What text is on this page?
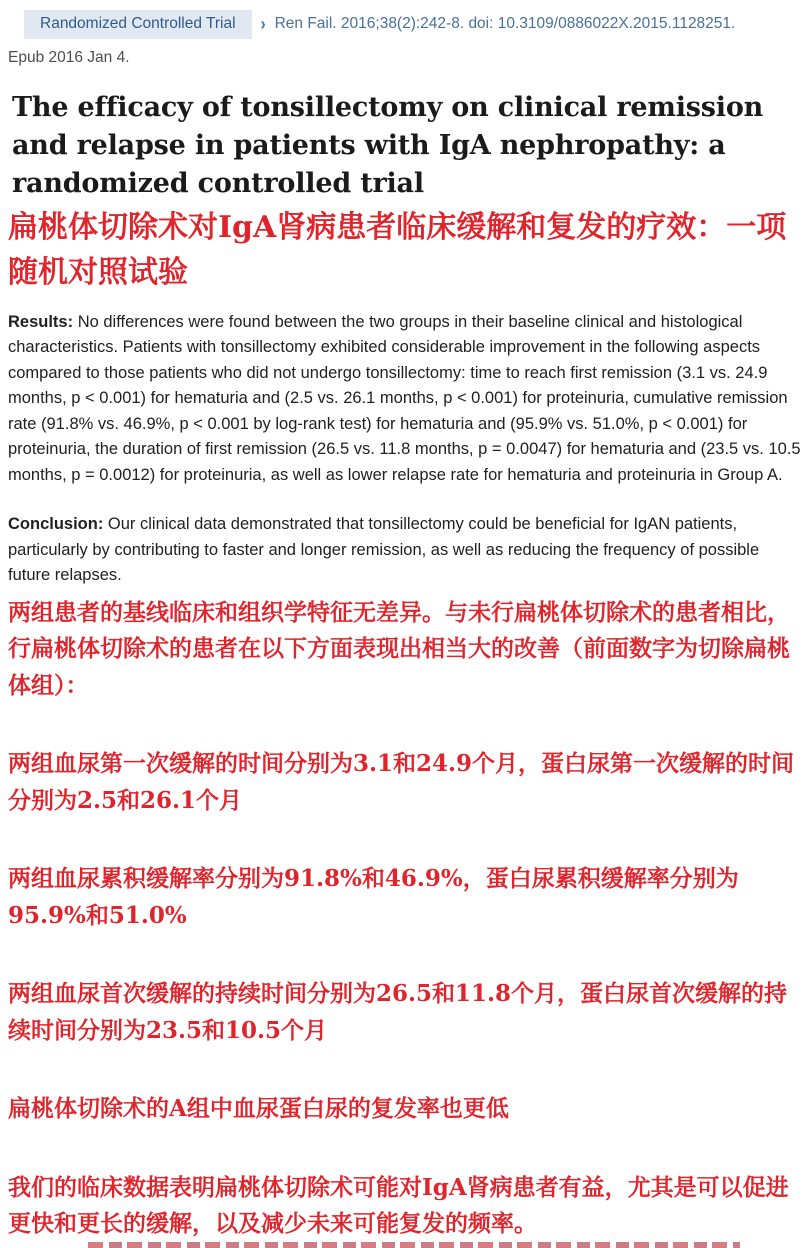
Randomized Controlled Trial	› Ren Fail. 2016;38(2):242-8. doi: 10.3109/0886022X.2015.1128251.
Epub 2016 Jan 4.
The efficacy of tonsillectomy on clinical remission and relapse in patients with IgA nephropathy: a randomized controlled trial
扁桃体切除术对IgA肾病患者临床缓解和复发的疗效：一项随机对照试验

Results: No differences were found between the two groups in their baseline clinical and histological characteristics. Patients with tonsillectomy exhibited considerable improvement in the following aspects compared to those patients who did not undergo tonsillectomy: time to reach first remission (3.1 vs. 24.9 months, p < 0.001) for hematuria and (2.5 vs. 26.1 months, p < 0.001) for proteinuria, cumulative remission rate (91.8% vs. 46.9%, p < 0.001 by log-rank test) for hematuria and (95.9% vs. 51.0%, p < 0.001) for proteinuria, the duration of first remission (26.5 vs. 11.8 months, p = 0.0047) for hematuria and (23.5 vs. 10.5 months, p = 0.0012) for proteinuria, as well as lower relapse rate for hematuria and proteinuria in Group A.

Conclusion: Our clinical data demonstrated that tonsillectomy could be beneficial for IgAN patients, particularly by contributing to faster and longer remission, as well as reducing the frequency of possible future relapses.

两组患者的基线临床和组织学特征无差异。与未行扁桃体切除术的患者相比，行扁桃体切除术的患者在以下方面表现出相当大的改善（前面数字为切除扁桃体组）：

两组血尿第一次缓解的时间分别为3.1和24.9个月，蛋白尿第一次缓解的时间分别为2.5和26.1个月

两组血尿累积缓解率分别为91.8%和46.9%，蛋白尿累积缓解率分别为95.9%和51.0%

两组血尿首次缓解的持续时间分别为26.5和11.8个月，蛋白尿首次缓解的持续时间分别为23.5和10.5个月

扁桃体切除术的A组中血尿蛋白尿的复发率也更低

我们的临床数据表明扁桃体切除术可能对IgA肾病患者有益，尤其是可以促进更快和更长的缓解，以及减少未来可能复发的频率。
